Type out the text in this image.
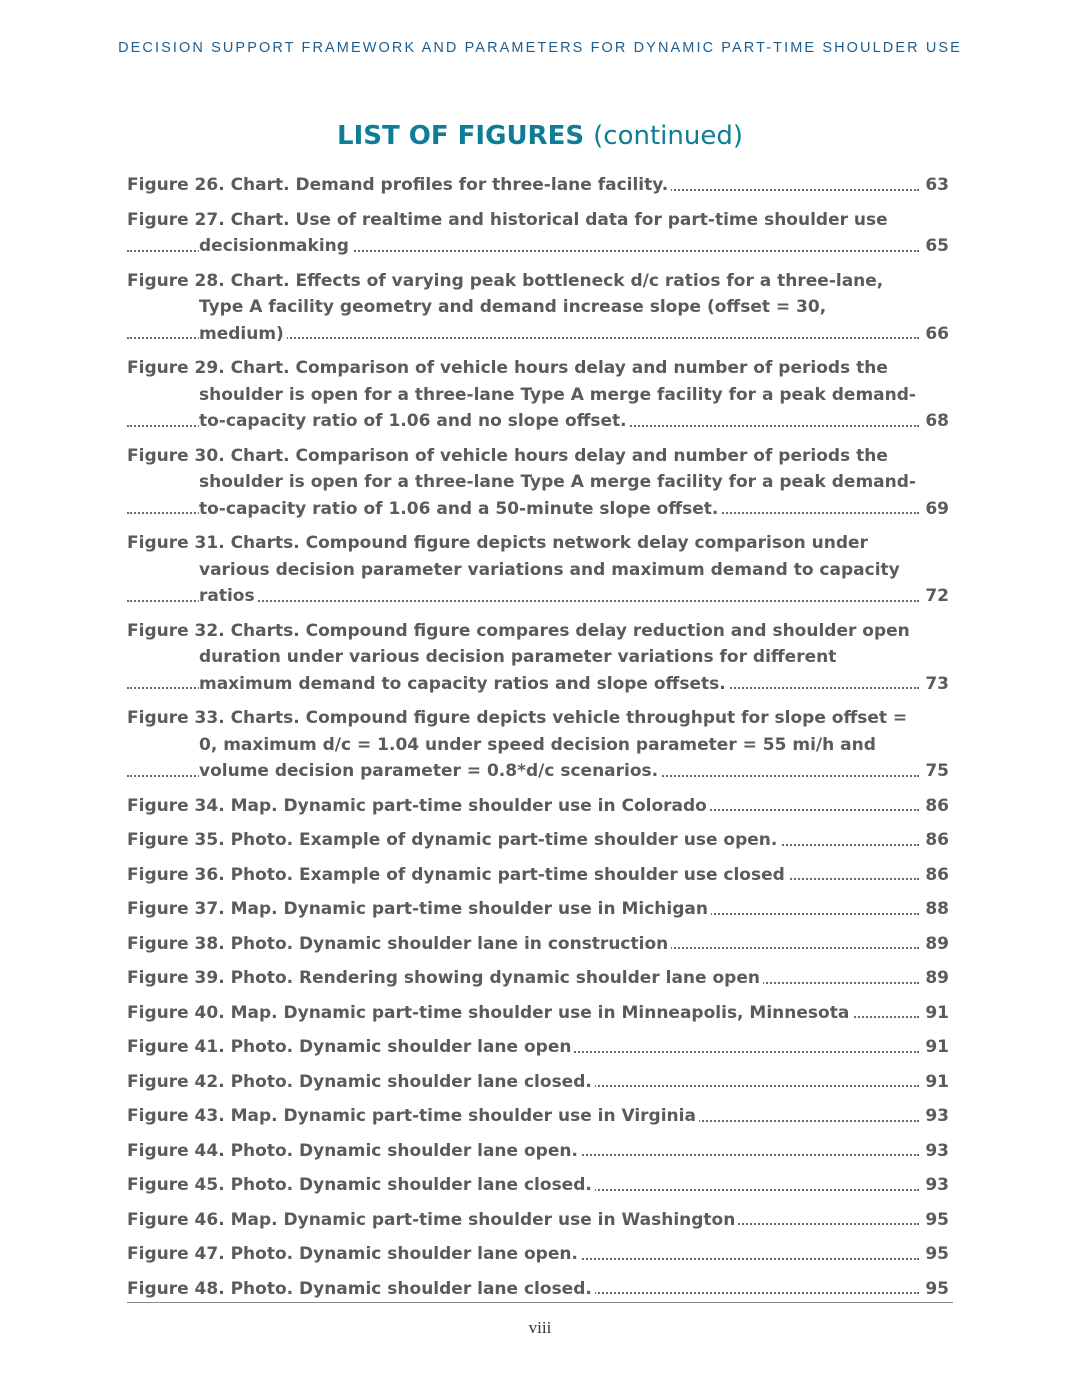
DECISION SUPPORT FRAMEWORK AND PARAMETERS FOR DYNAMIC PART-TIME SHOULDER USE
LIST OF FIGURES (continued)
Figure 26. Chart. Demand profiles for three-lane facility.	63
Figure 27. Chart. Use of realtime and historical data for part-time shoulder use decisionmaking	65
Figure 28. Chart. Effects of varying peak bottleneck d/c ratios for a three-lane, Type A facility geometry and demand increase slope (offset = 30, medium)	66
Figure 29. Chart. Comparison of vehicle hours delay and number of periods the shoulder is open for a three-lane Type A merge facility for a peak demand-to-capacity ratio of 1.06 and no slope offset.	68
Figure 30. Chart. Comparison of vehicle hours delay and number of periods the shoulder is open for a three-lane Type A merge facility for a peak demand-to-capacity ratio of 1.06 and a 50-minute slope offset.	69
Figure 31. Charts. Compound figure depicts network delay comparison under various decision parameter variations and maximum demand to capacity ratios	72
Figure 32. Charts. Compound figure compares delay reduction and shoulder open duration under various decision parameter variations for different maximum demand to capacity ratios and slope offsets.	73
Figure 33. Charts. Compound figure depicts vehicle throughput for slope offset = 0, maximum d/c = 1.04 under speed decision parameter = 55 mi/h and volume decision parameter = 0.8*d/c scenarios.	75
Figure 34. Map. Dynamic part-time shoulder use in Colorado	86
Figure 35. Photo. Example of dynamic part-time shoulder use open.	86
Figure 36. Photo. Example of dynamic part-time shoulder use closed	86
Figure 37. Map. Dynamic part-time shoulder use in Michigan	88
Figure 38. Photo. Dynamic shoulder lane in construction	89
Figure 39. Photo. Rendering showing dynamic shoulder lane open	89
Figure 40. Map. Dynamic part-time shoulder use in Minneapolis, Minnesota	91
Figure 41. Photo. Dynamic shoulder lane open	91
Figure 42. Photo. Dynamic shoulder lane closed.	91
Figure 43. Map. Dynamic part-time shoulder use in Virginia	93
Figure 44. Photo. Dynamic shoulder lane open.	93
Figure 45. Photo. Dynamic shoulder lane closed.	93
Figure 46. Map. Dynamic part-time shoulder use in Washington	95
Figure 47. Photo. Dynamic shoulder lane open.	95
Figure 48. Photo. Dynamic shoulder lane closed.	95
viii
